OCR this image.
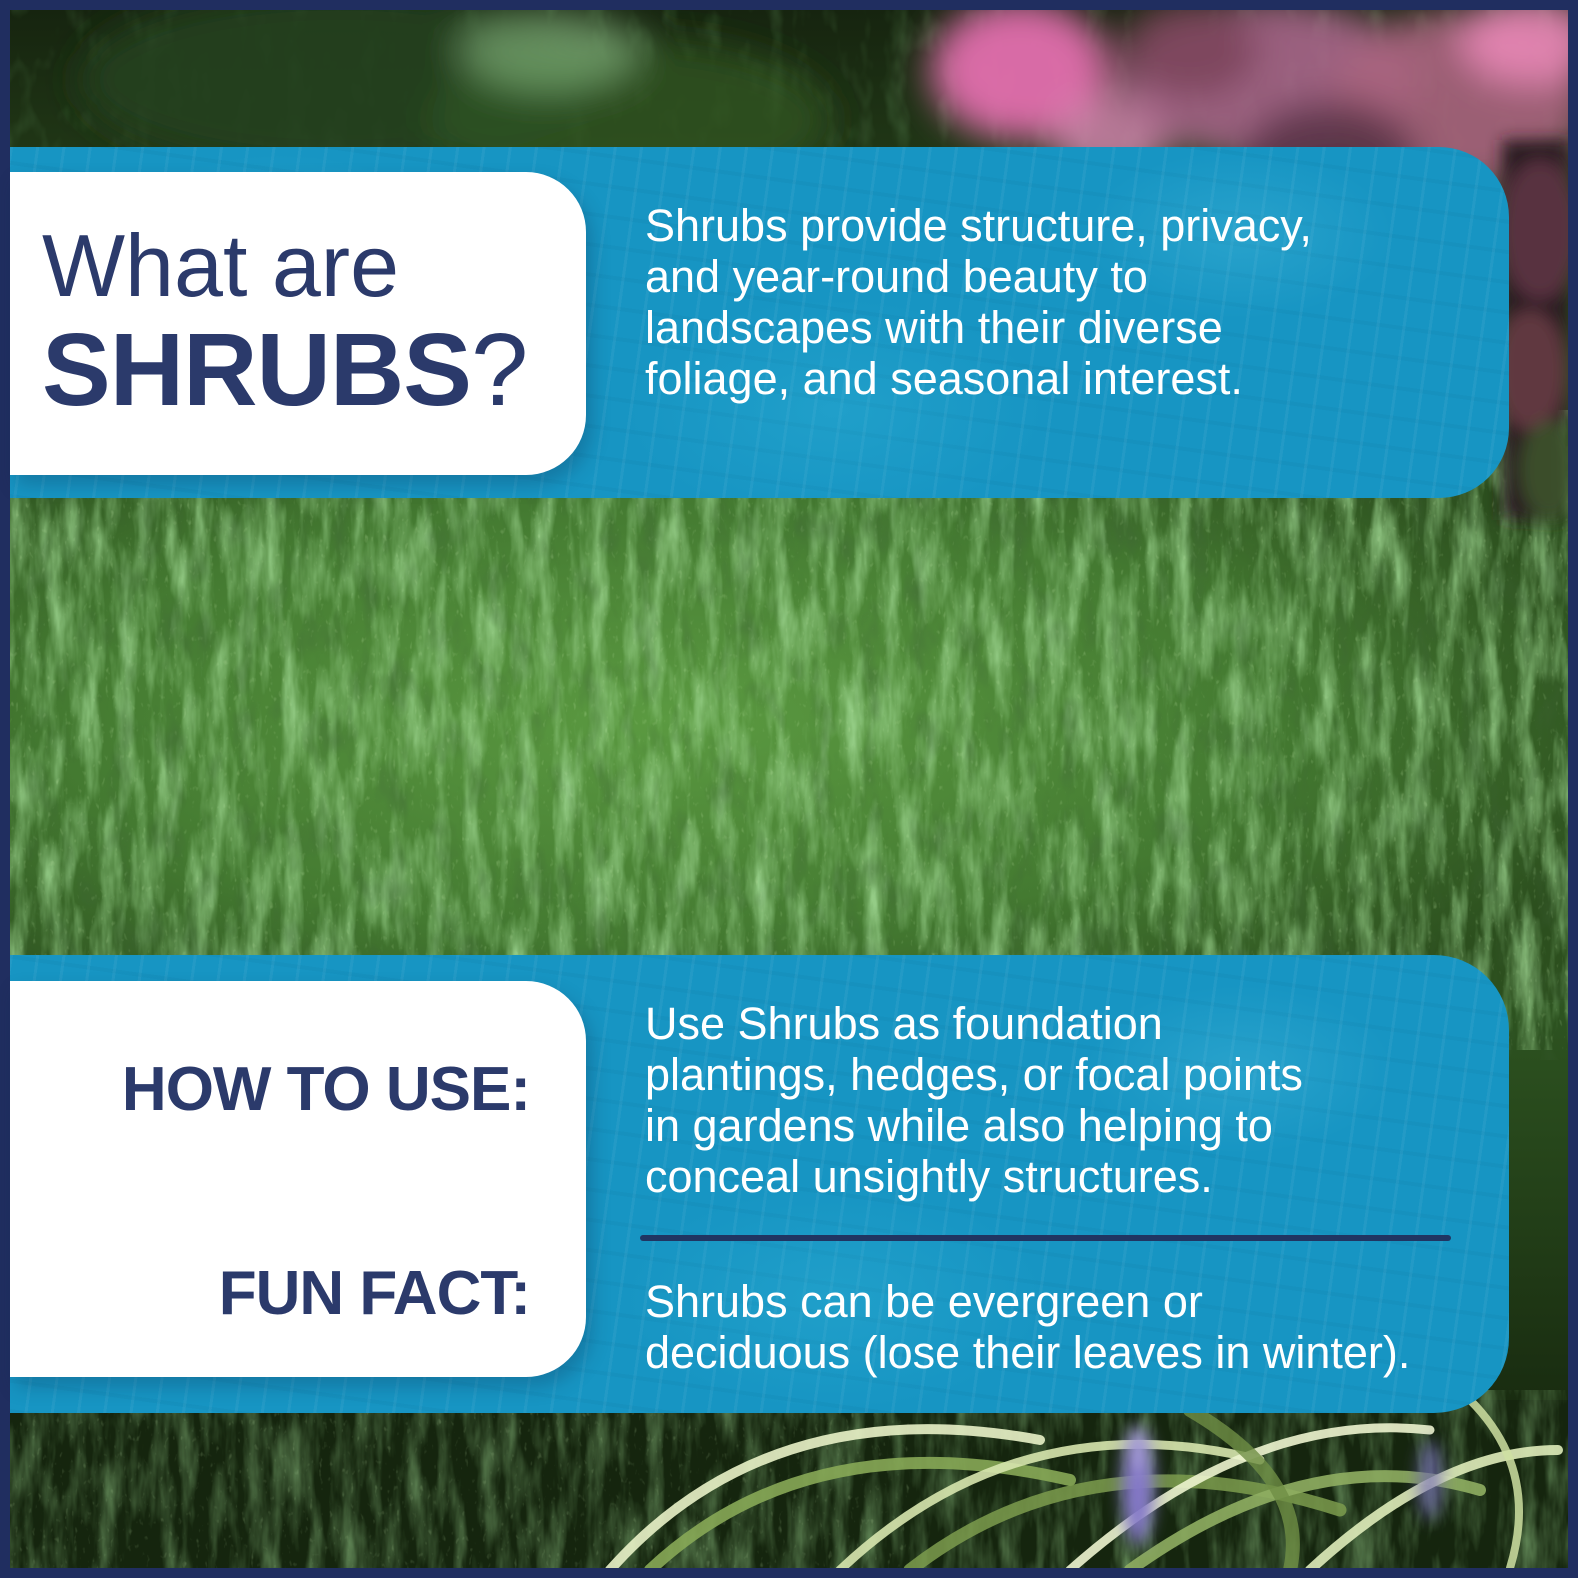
Shrubs provide structure, privacy,
and year-round beauty to
landscapes with their diverse
foliage, and seasonal interest.
What are
SHRUBS?
Use Shrubs as foundation
plantings, hedges, or focal points
in gardens while also helping to
conceal unsightly structures.
Shrubs can be evergreen or
deciduous (lose their leaves in winter).
HOW TO USE:
FUN FACT:
